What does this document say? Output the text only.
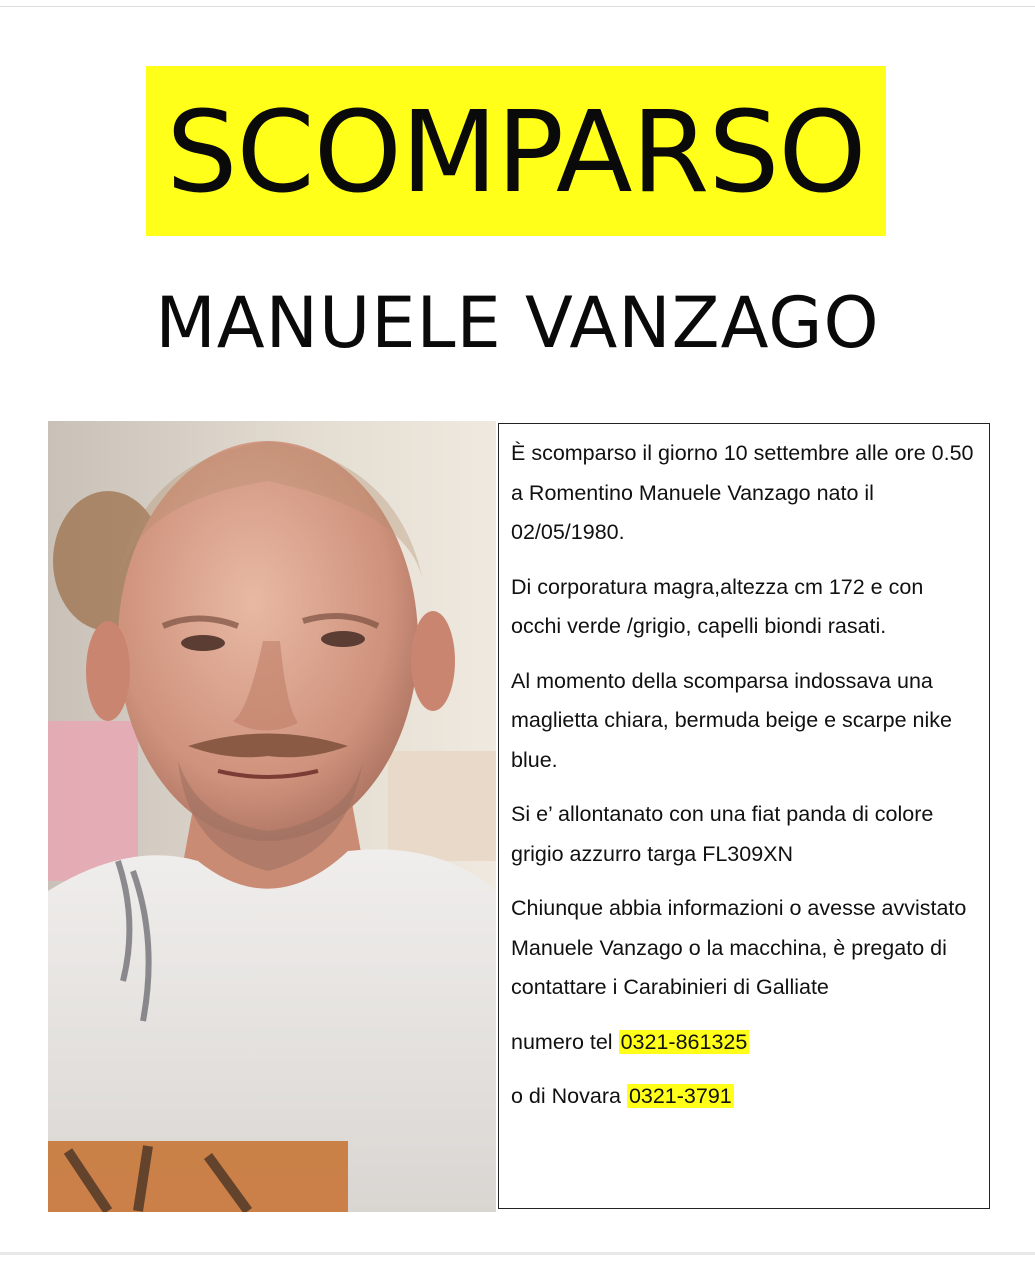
SCOMPARSO
MANUELE VANZAGO

È scomparso il giorno 10 settembre alle ore 0.50 a Romentino Manuele Vanzago nato il 02/05/1980.

Di corporatura magra,altezza cm 172 e con occhi verde /grigio, capelli biondi rasati.

Al momento della scomparsa indossava una maglietta chiara, bermuda beige e scarpe nike blue.

Si e’ allontanato con una fiat panda di colore grigio azzurro targa FL309XN

Chiunque abbia informazioni o avesse avvistato Manuele Vanzago o la macchina, è pregato di contattare i Carabinieri di Galliate

numero tel 0321-861325

o di Novara 0321-3791
